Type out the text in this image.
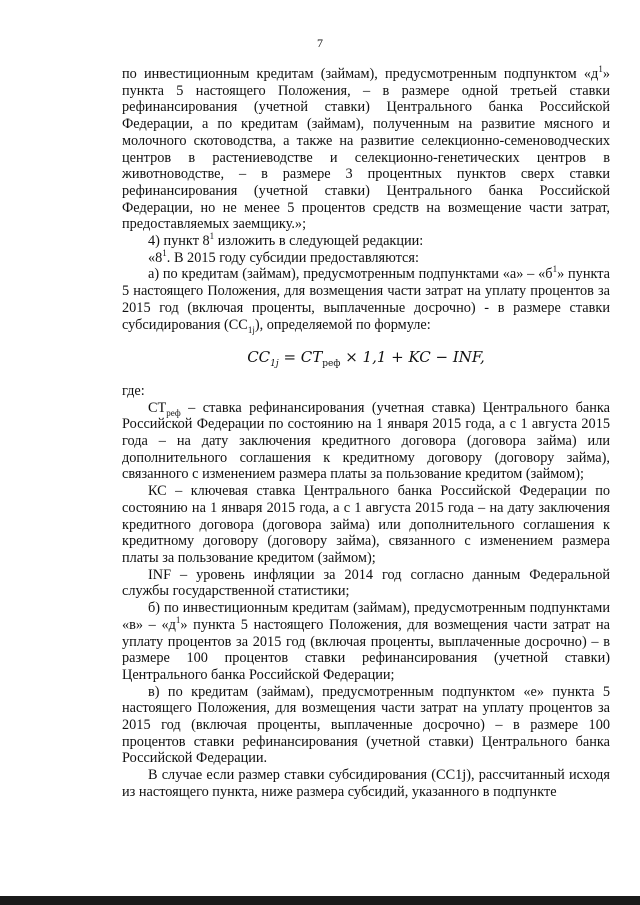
7

по инвестиционным кредитам (займам), предусмотренным подпунктом «$д^1$» пункта 5 настоящего Положения, – в размере одной третьей ставки рефинансирования (учетной ставки) Центрального банка Российской Федерации, а по кредитам (займам), полученным на развитие мясного и молочного скотоводства, а также на развитие селекционно-семеноводческих центров в растениеводстве и селекционно-генетических центров в животноводстве, – в размере 3 процентных пунктов сверх ставки рефинансирования (учетной ставки) Центрального банка Российской Федерации, но не менее 5 процентов средств на возмещение части затрат, предоставляемых заемщику.»;

4) пункт $8^1$ изложить в следующей редакции:

«$8^1$. В 2015 году субсидии предоставляются:

а) по кредитам (займам), предусмотренным подпунктами «а» – «$б^1$» пункта 5 настоящего Положения, для возмещения части затрат на уплату процентов за 2015 год (включая проценты, выплаченные досрочно) - в размере ставки субсидирования $(СС_{1j})$, определяемой по формуле:

$CC_{1j} = CT_{реф} \times 1,1$ + KC − INF,

где:

$СТ_{реф}$ – ставка рефинансирования (учетная ставка) Центрального банка Российской Федерации по состоянию на 1 января 2015 года, а с 1 августа 2015 года – на дату заключения кредитного договора (договора займа) или дополнительного соглашения к кредитному договору (договору займа), связанного с изменением размера платы за пользование кредитом (займом);

КС – ключевая ставка Центрального банка Российской Федерации по состоянию на 1 января 2015 года, а с 1 августа 2015 года – на дату заключения кредитного договора (договора займа) или дополнительного соглашения к кредитному договору (договору займа), связанного с изменением размера платы за пользование кредитом (займом);

INF – уровень инфляции за 2014 год согласно данным Федеральной службы государственной статистики;

б) по инвестиционным кредитам (займам), предусмотренным подпунктами «в» – «$д^1$» пункта 5 настоящего Положения, для возмещения части затрат на уплату процентов за 2015 год (включая проценты, выплаченные досрочно) – в размере 100 процентов ставки рефинансирования (учетной ставки) Центрального банка Российской Федерации;

в) по кредитам (займам), предусмотренным подпунктом «е» пункта 5 настоящего Положения, для возмещения части затрат на уплату процентов за 2015 год (включая проценты, выплаченные досрочно) – в размере 100 процентов ставки рефинансирования (учетной ставки) Центрального банка Российской Федерации.

В случае если размер ставки субсидирования (СС1j), рассчитанный исходя из настоящего пункта, ниже размера субсидий, указанного в подпункте
